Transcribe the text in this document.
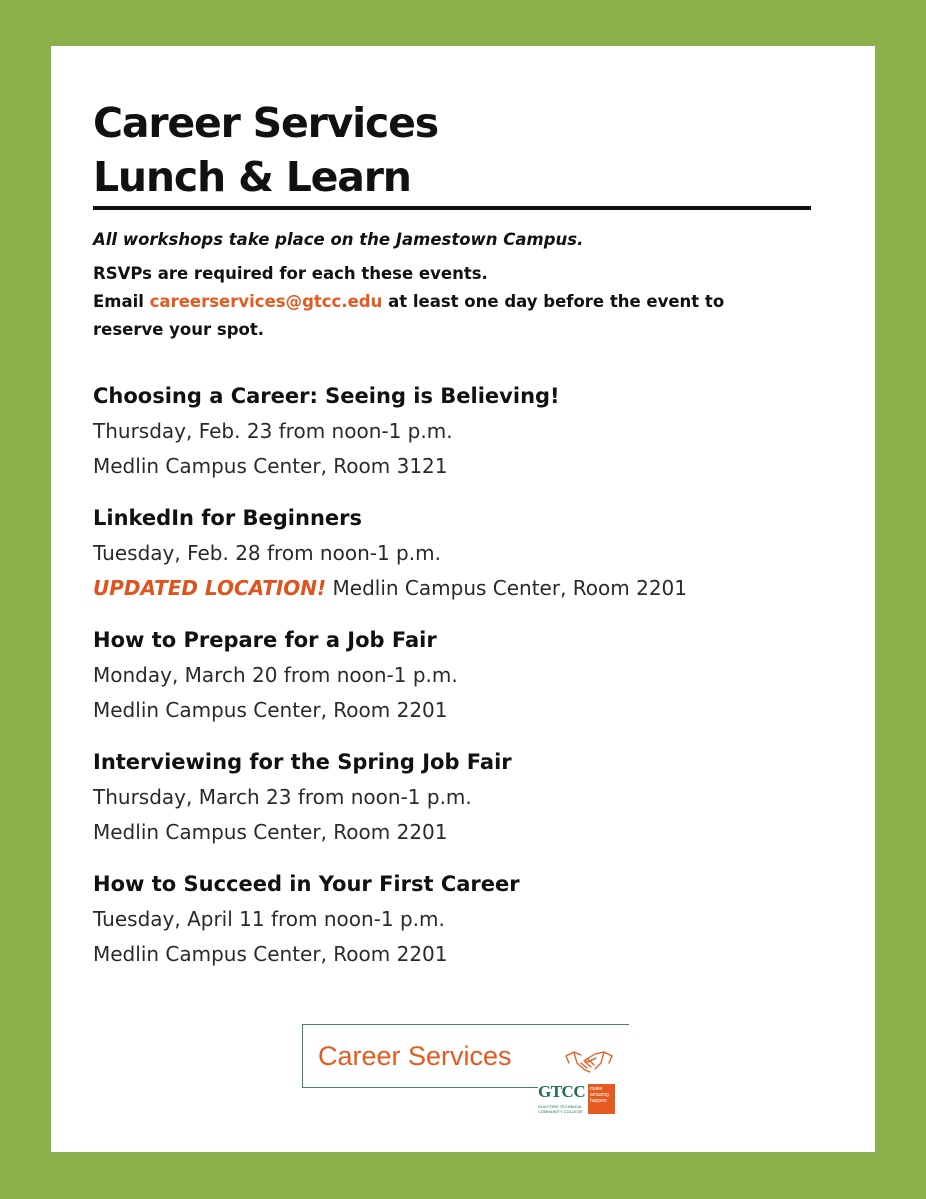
Career Services
Lunch & Learn
All workshops take place on the Jamestown Campus.
RSVPs are required for each these events.
Email careerservices@gtcc.edu at least one day before the event to
reserve your spot.
Choosing a Career: Seeing is Believing!
Thursday, Feb. 23 from noon-1 p.m.
Medlin Campus Center, Room 3121
LinkedIn for Beginners
Tuesday, Feb. 28 from noon-1 p.m.
UPDATED LOCATION! Medlin Campus Center, Room 2201
How to Prepare for a Job Fair
Monday, March 20 from noon-1 p.m.
Medlin Campus Center, Room 2201
Interviewing for the Spring Job Fair
Thursday, March 23 from noon-1 p.m.
Medlin Campus Center, Room 2201
How to Succeed in Your First Career
Tuesday, April 11 from noon-1 p.m.
Medlin Campus Center, Room 2201
Career Services
GTCC
GUILFORD TECHNICAL COMMUNITY COLLEGE
make
amazing
happen
